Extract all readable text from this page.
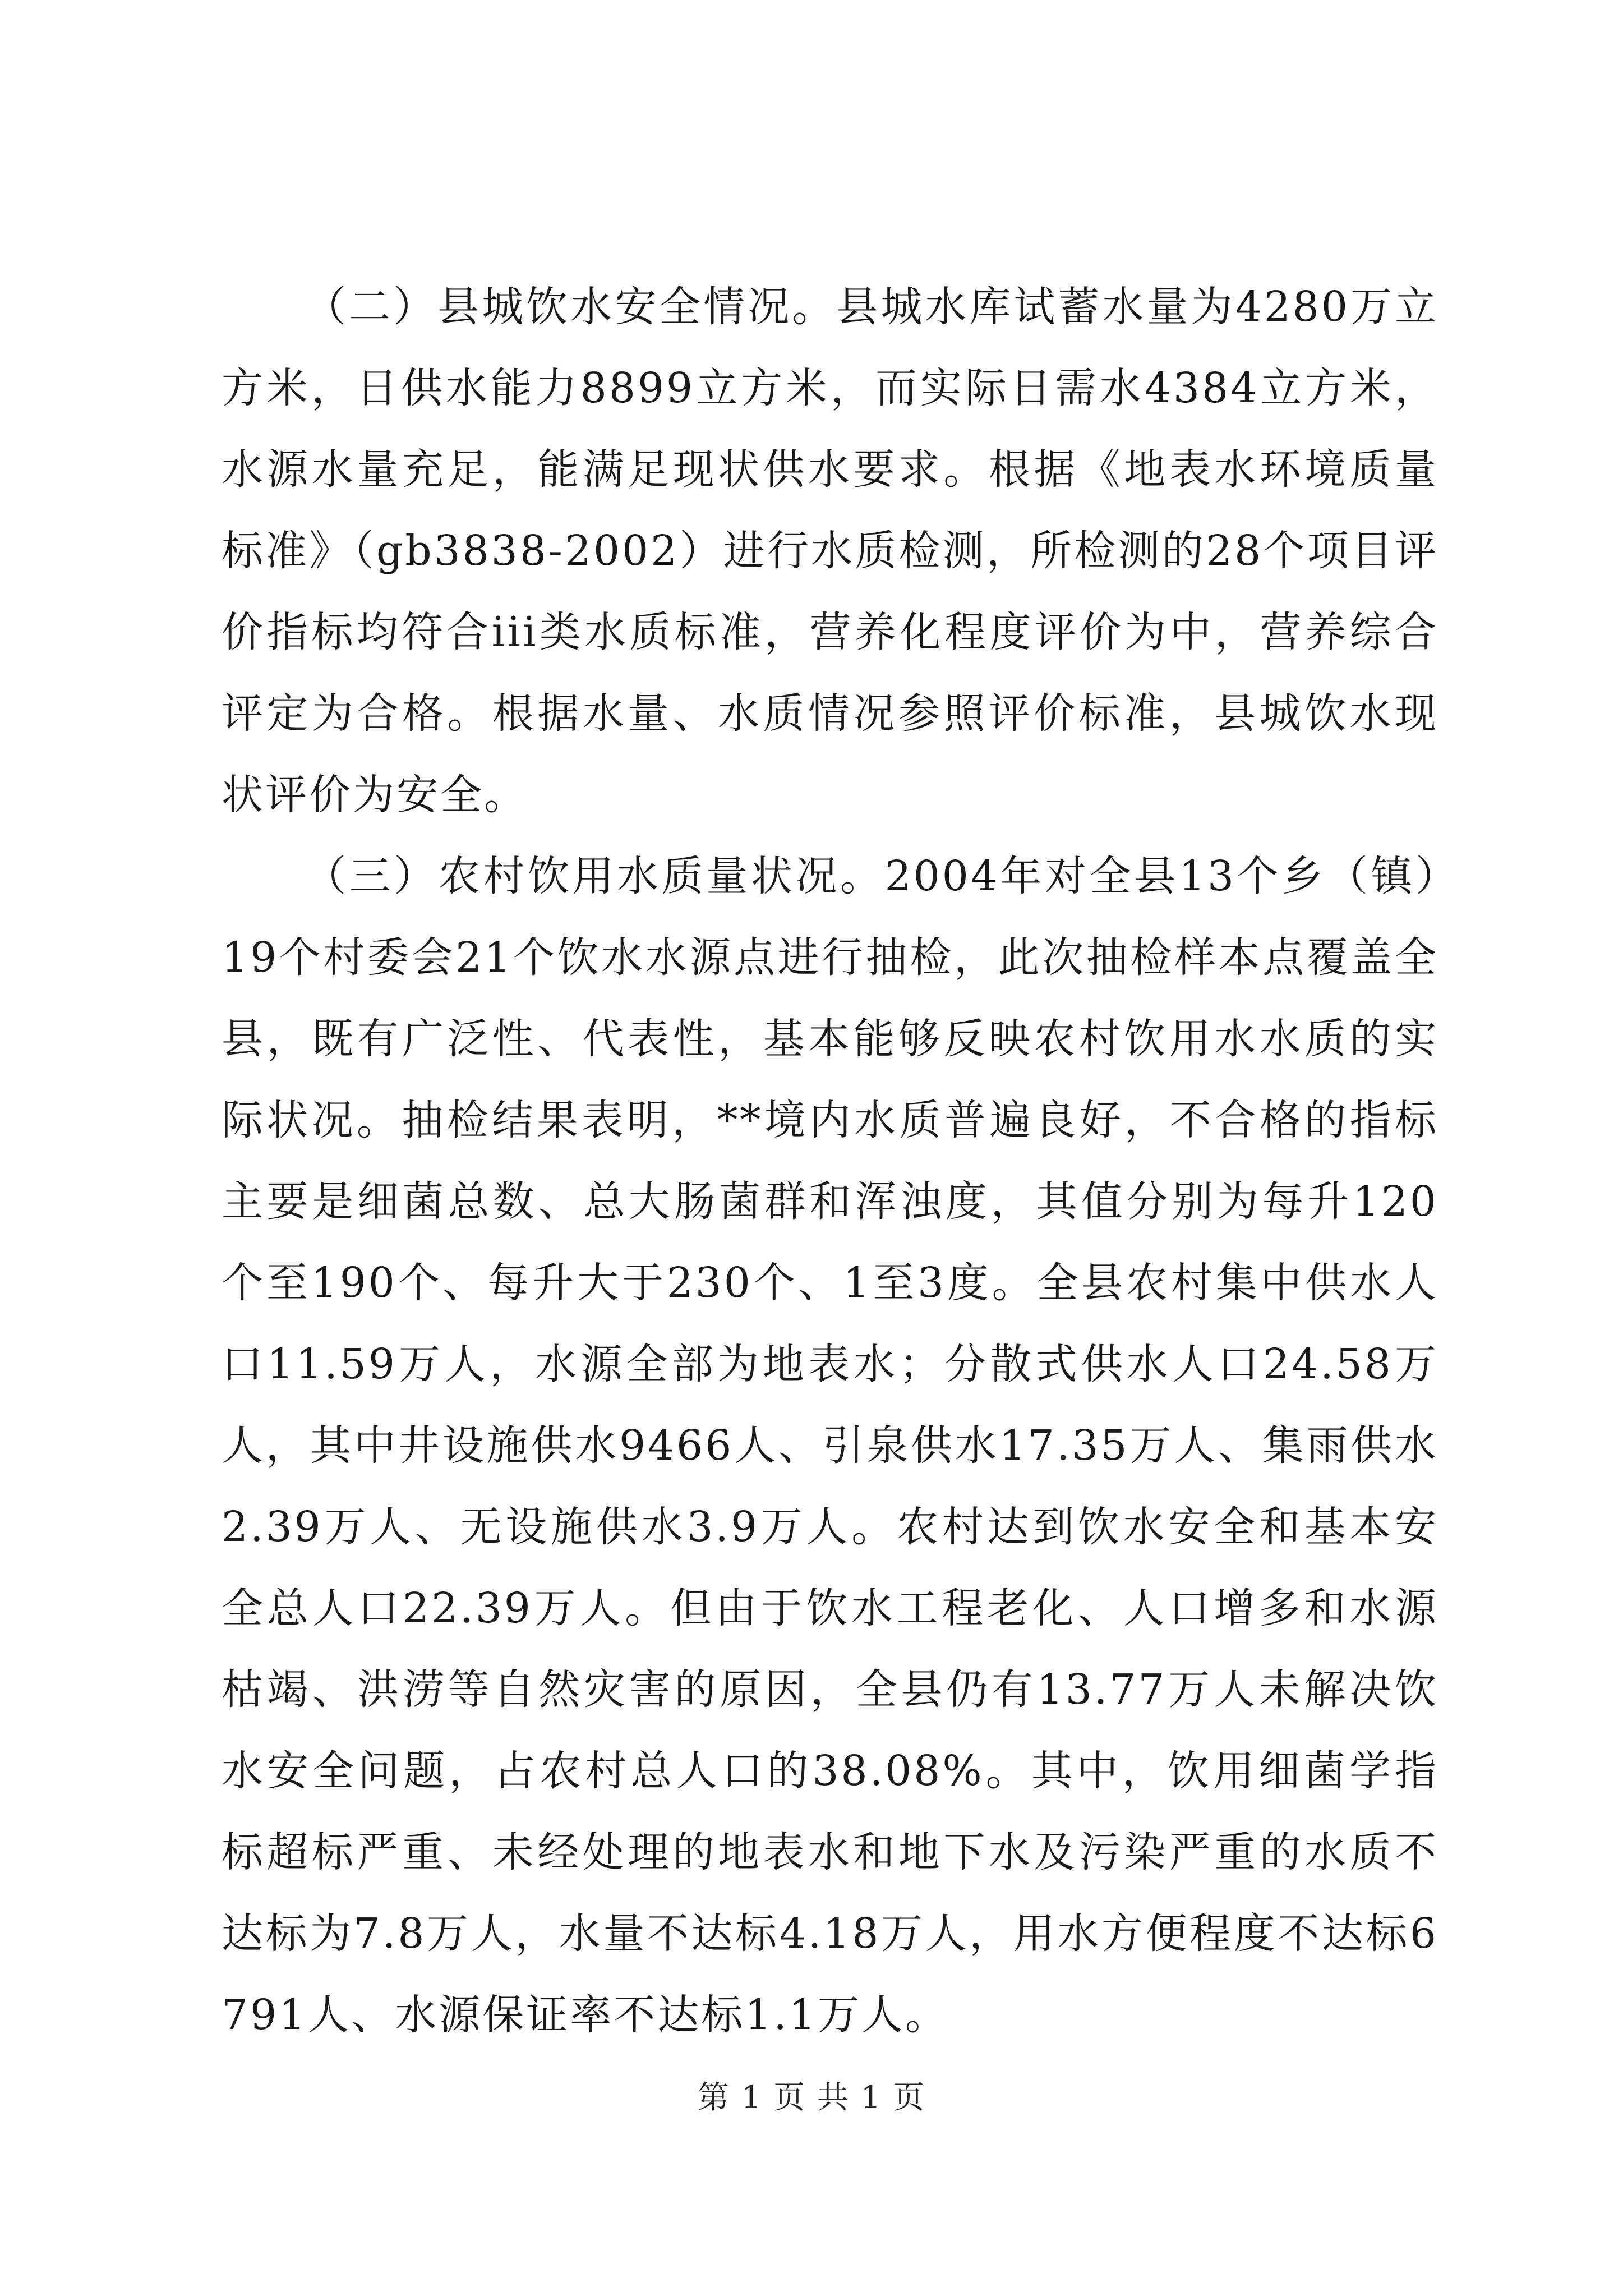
（二）县城饮水安全情况。县城水库试蓄水量为4280万立方米，日供水能力8899立方米，而实际日需水4384立方米，水源水量充足，能满足现状供水要求。根据《地表水环境质量标准》（gb3838-2002）进行水质检测，所检测的28个项目评价指标均符合iii类水质标准，营养化程度评价为中，营养综合评定为合格。根据水量、水质情况参照评价标准，县城饮水现状评价为安全。

（三）农村饮用水质量状况。2004年对全县13个乡（镇）19个村委会21个饮水水源点进行抽检，此次抽检样本点覆盖全县，既有广泛性、代表性，基本能够反映农村饮用水水质的实际状况。抽检结果表明，**境内水质普遍良好，不合格的指标主要是细菌总数、总大肠菌群和浑浊度，其值分别为每升120个至190个、每升大于230个、1至3度。全县农村集中供水人口11.59万人，水源全部为地表水；分散式供水人口24.58万人，其中井设施供水9466人、引泉供水17.35万人、集雨供水2.39万人、无设施供水3.9万人。农村达到饮水安全和基本安全总人口22.39万人。但由于饮水工程老化、人口增多和水源枯竭、洪涝等自然灾害的原因，全县仍有13.77万人未解决饮水安全问题，占农村总人口的38.08%。其中，饮用细菌学指标超标严重、未经处理的地表水和地下水及污染严重的水质不达标为7.8万人，水量不达标4.18万人，用水方便程度不达标6791人、水源保证率不达标1.1万人。

第 1 页 共 1 页
